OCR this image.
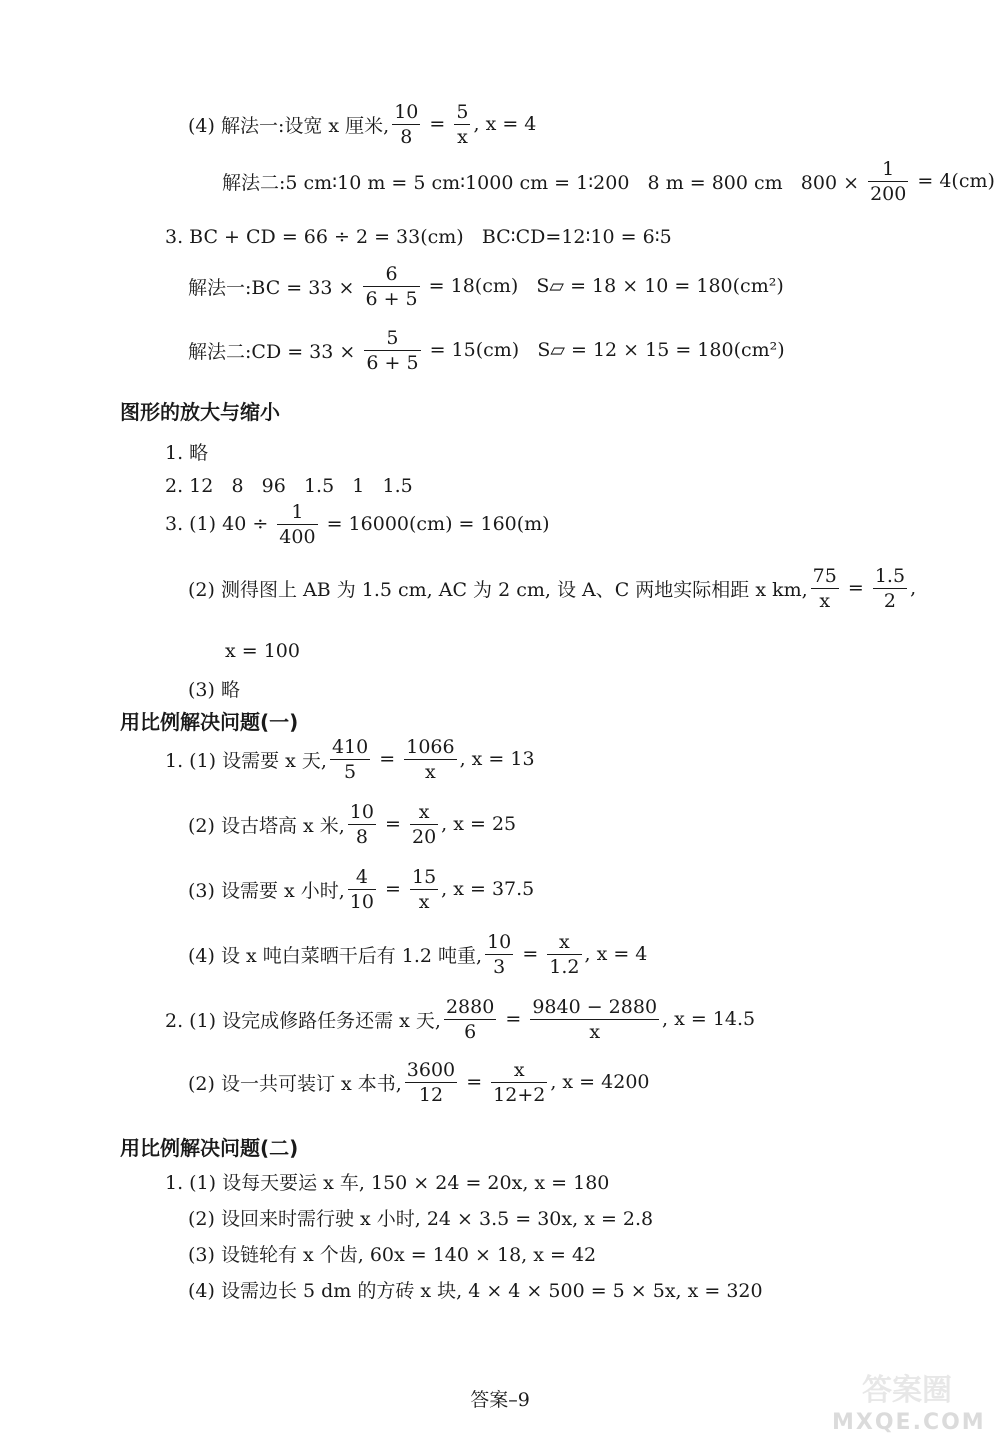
(4) 解法一:设宽 x 厘米, $\frac{10}{8} = \frac{5}{x}$ , x = 4
解法二:5 cm∶10 m = 5 cm∶1000 cm = 1∶200   8 m = 800 cm   $800 \times \frac{1}{200} = 4(cm)$
3. BC + CD = 66 ÷ 2 = 33(cm)   BC∶CD=12∶10 = 6∶5
解法一:BC = $33 \times \frac{6}{6 + 5} = 18(cm)$   S▱ = 18 × 10 = 180(cm²)
解法二:CD = $33 \times \frac{5}{6 + 5} = 15(cm)$   S▱ = 12 × 15 = 180(cm²)
图形的放大与缩小
1. 略
2. 12   8   96   1.5   1   1.5
3. (1) $40 \div \frac{1}{400} = 16000(cm) = 160(m)$
(2) 测得图上 AB 为 1.5 cm, AC 为 2 cm, 设 A、C 两地实际相距 x km, $\frac{75}{x} = \frac{1.5}{2}$ ,
x = 100
(3) 略
用比例解决问题(一)
1. (1) 设需要 x 天, $\frac{410}{5} = \frac{1066}{x}$ , x = 13
(2) 设古塔高 x 米, $\frac{10}{8} = \frac{x}{20}$ , x = 25
(3) 设需要 x 小时, $\frac{4}{10} = \frac{15}{x}$ , x = 37.5
(4) 设 x 吨白菜晒干后有 1.2 吨重, $\frac{10}{3} = \frac{x}{1.2}$ , x = 4
2. (1) 设完成修路任务还需 x 天, $\frac{2880}{6} = \frac{9840 - 2880}{x}$ , x = 14.5
(2) 设一共可装订 x 本书, $\frac{3600}{12} = \frac{x}{12+2}$ , x = 4200
用比例解决问题(二)
1. (1) 设每天要运 x 车, 150 × 24 = 20x, x = 180
(2) 设回来时需行驶 x 小时, 24 × 3.5 = 30x, x = 2.8
(3) 设链轮有 x 个齿, 60x = 140 × 18, x = 42
(4) 设需边长 5 dm 的方砖 x 块, 4 × 4 × 500 = 5 × 5x, x = 320
答案–9	答案圈
MXQE.COM
